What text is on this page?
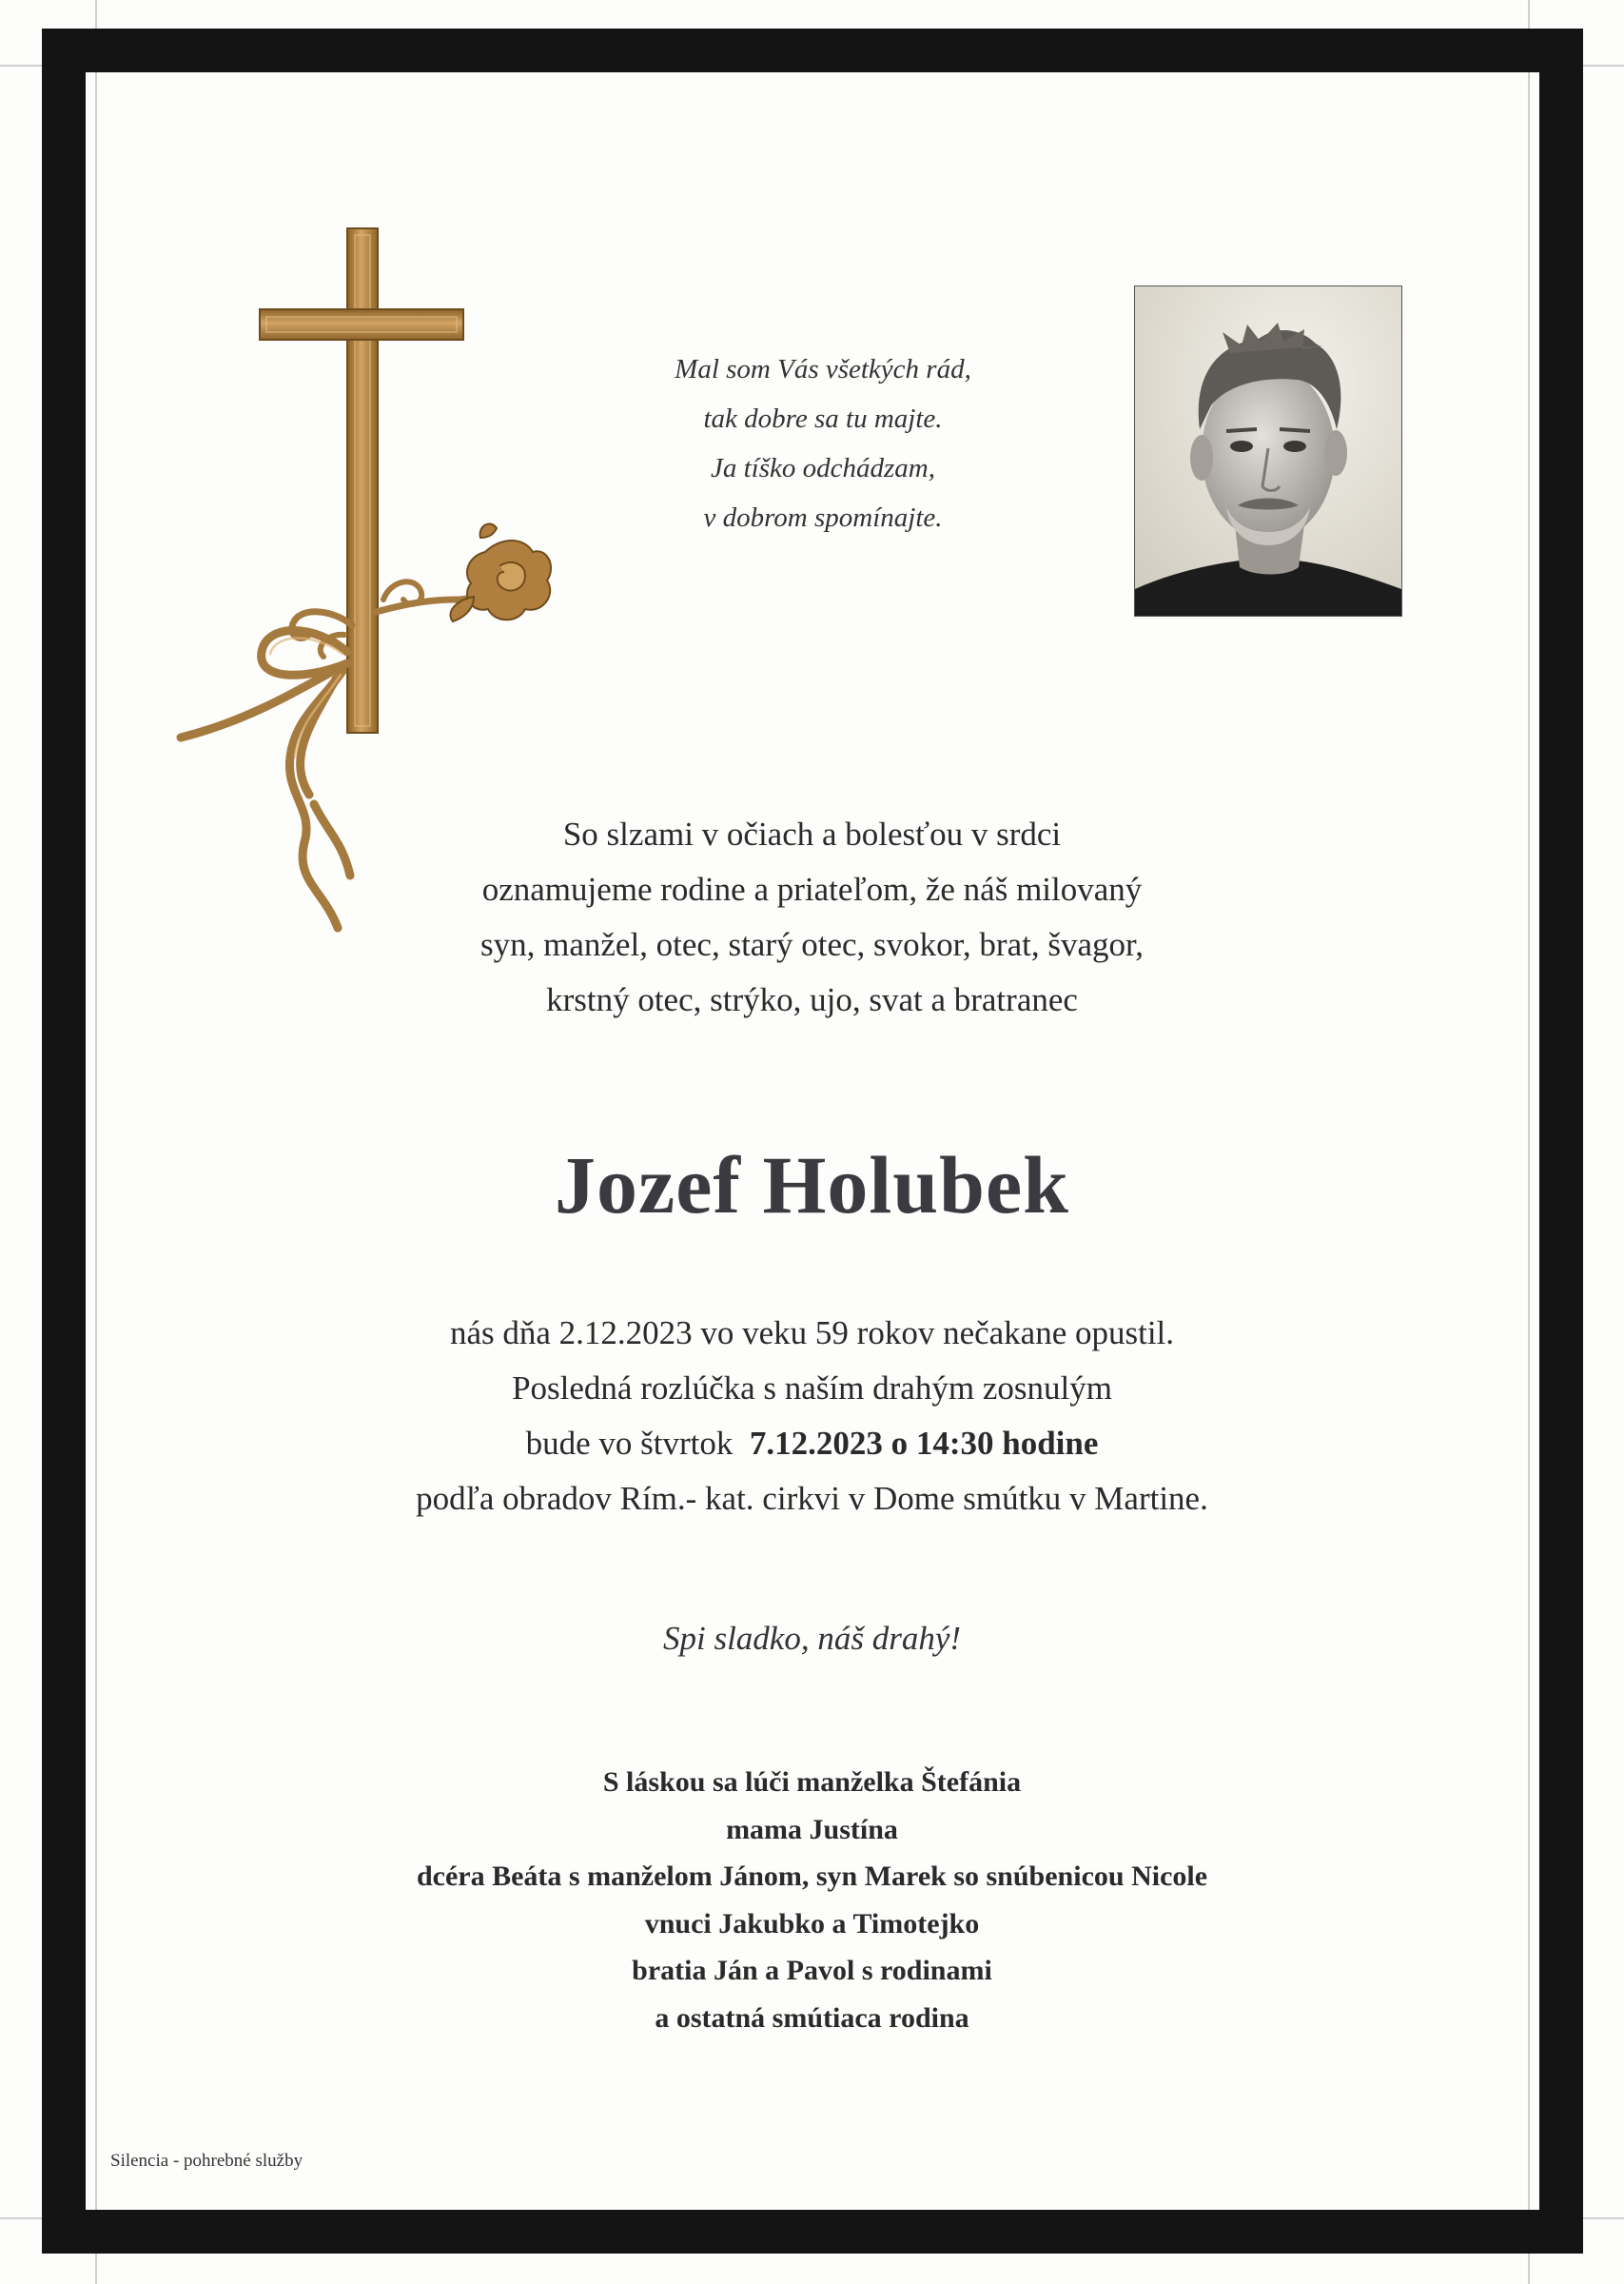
Mal som Vás všetkých rád,
tak dobre sa tu majte.
Ja tíško odchádzam,
v dobrom spomínajte.
So slzami v očiach a bolesťou v srdci
oznamujeme rodine a priateľom, že náš milovaný
syn, manžel, otec, starý otec, svokor, brat, švagor,
krstný otec, strýko, ujo, svat a bratranec
Jozef Holubek
nás dňa 2.12.2023 vo veku 59 rokov nečakane opustil.
Posledná rozlúčka s naším drahým zosnulým
bude vo štvrtok 7.12.2023 o 14:30 hodine
podľa obradov Rím.- kat. cirkvi v Dome smútku v Martine.
Spi sladko, náš drahý!
S láskou sa lúči manželka Štefánia
mama Justína
dcéra Beáta s manželom Jánom, syn Marek so snúbenicou Nicole
vnuci Jakubko a Timotejko
bratia Ján a Pavol s rodinami
a ostatná smútiaca rodina
Silencia - pohrebné služby
